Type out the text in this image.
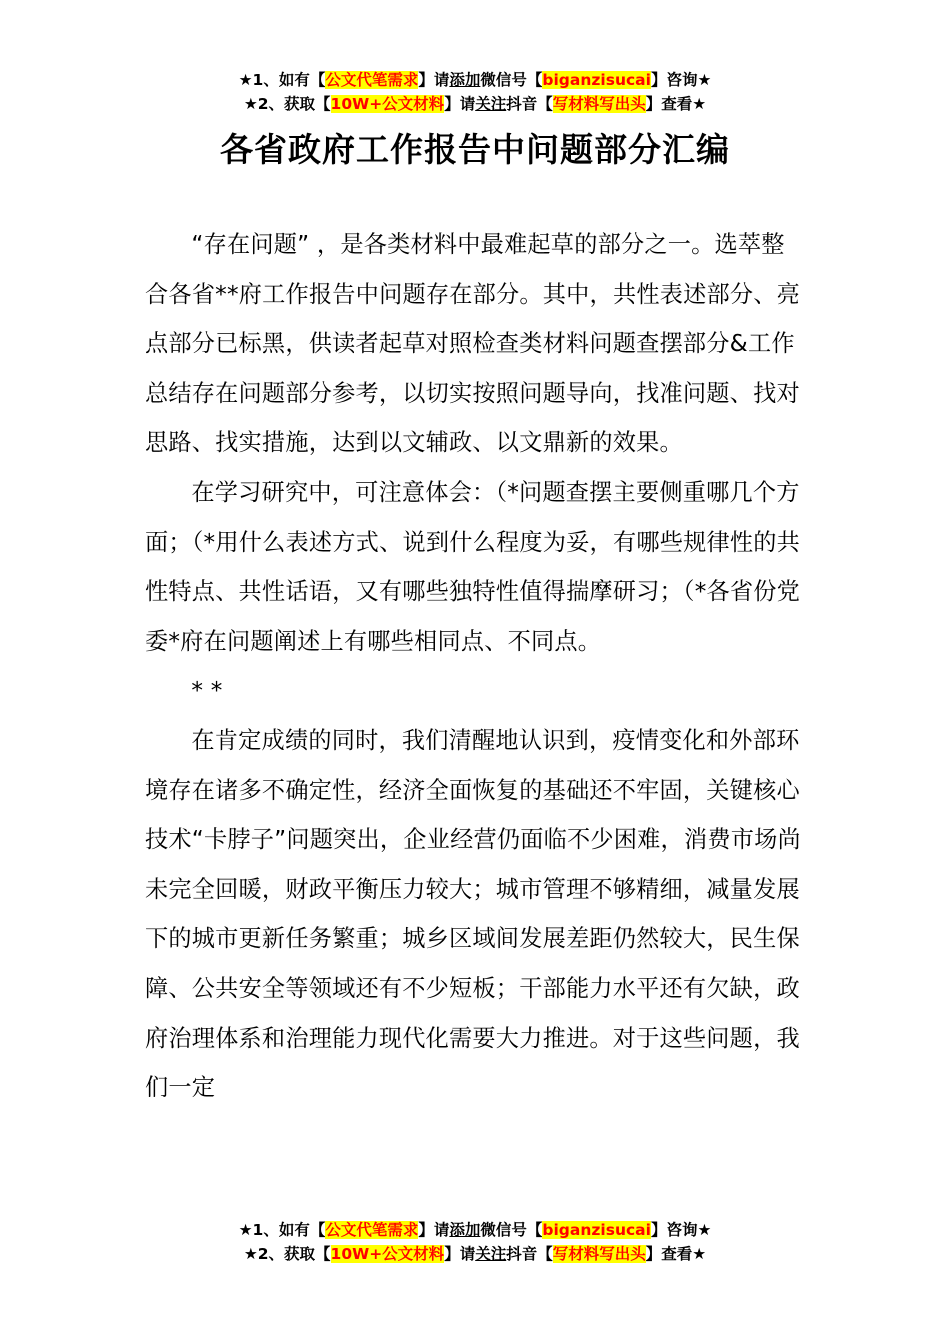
★1、如有【公文代笔需求】请添加微信号【biganzisucai】咨询★
★2、获取【10W+公文材料】请关注抖音【写材料写出头】查看★
各省政府工作报告中问题部分汇编

“存在问题” ，是各类材料中最难起草的部分之一。选萃整合各省**府工作报告中问题存在部分。其中，共性表述部分、亮点部分已标黑，供读者起草对照检查类材料问题查摆部分&工作总结存在问题部分参考，以切实按照问题导向，找准问题、找对思路、找实措施，达到以文辅政、以文鼎新的效果。

在学习研究中，可注意体会：（*问题查摆主要侧重哪几个方面；（*用什么表述方式、说到什么程度为妥，有哪些规律性的共性特点、共性话语，又有哪些独特性值得揣摩研习；（*各省份党委*府在问题阐述上有哪些相同点、不同点。

* *

在肯定成绩的同时，我们清醒地认识到，疫情变化和外部环境存在诸多不确定性，经济全面恢复的基础还不牢固，关键核心技术“卡脖子”问题突出，企业经营仍面临不少困难，消费市场尚未完全回暖，财政平衡压力较大；城市管理不够精细，减量发展下的城市更新任务繁重；城乡区域间发展差距仍然较大，民生保障、公共安全等领域还有不少短板；干部能力水平还有欠缺，政府治理体系和治理能力现代化需要大力推进。对于这些问题，我们一定

★1、如有【公文代笔需求】请添加微信号【biganzisucai】咨询★
★2、获取【10W+公文材料】请关注抖音【写材料写出头】查看★
